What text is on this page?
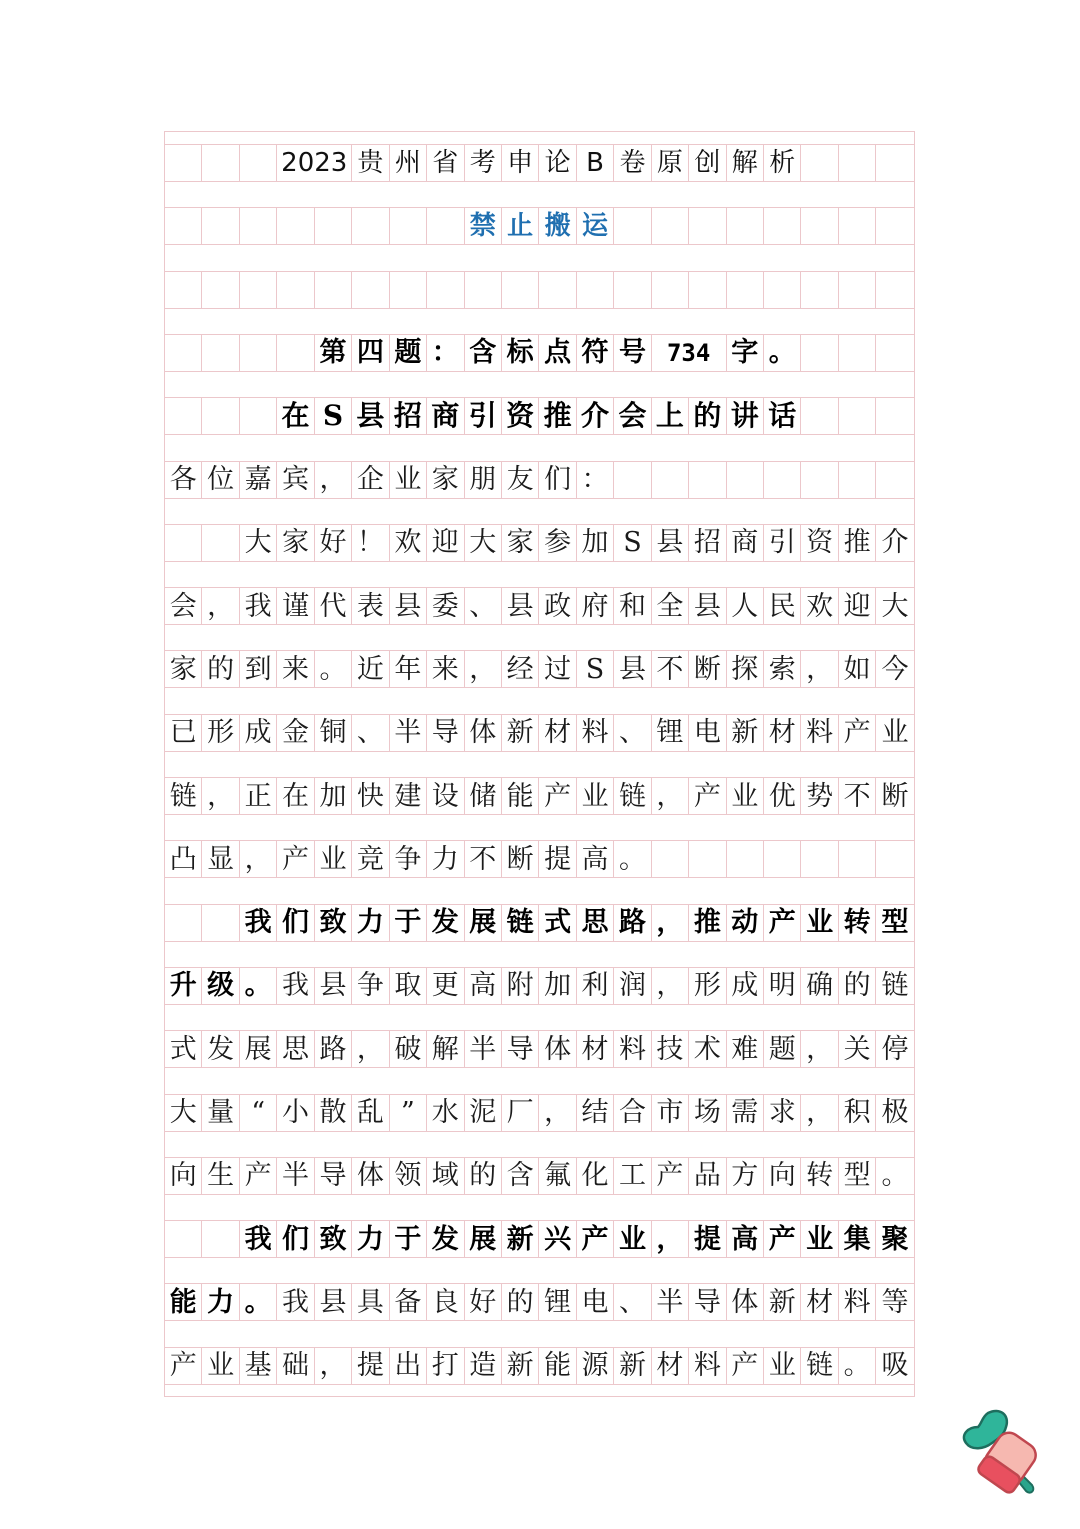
2023 贵 州 省 考 申 论 B 卷 原 创 解 析
禁 止 搬 运
第 四 题 ： 含 标 点 符 号 734 字 。
在 S 县 招 商 引 资 推 介 会 上 的 讲 话
各 位 嘉 宾 ， 企 业 家 朋 友 们 ：
大 家 好 ！ 欢 迎 大 家 参 加 S 县 招 商 引 资 推 介
会 ， 我 谨 代 表 县 委 、 县 政 府 和 全 县 人 民 欢 迎 大
家 的 到 来 。 近 年 来 ， 经 过 S 县 不 断 探 索 ， 如 今
已 形 成 金 铜 、 半 导 体 新 材 料 、 锂 电 新 材 料 产 业
链 ， 正 在 加 快 建 设 储 能 产 业 链 ， 产 业 优 势 不 断
凸 显 ， 产 业 竞 争 力 不 断 提 高 。
我 们 致 力 于 发 展 链 式 思 路 ， 推 动 产 业 转 型
升 级 。 我 县 争 取 更 高 附 加 利 润 ， 形 成 明 确 的 链
式 发 展 思 路 ， 破 解 半 导 体 材 料 技 术 难 题 ， 关 停
大 量 “ 小 散 乱 ” 水 泥 厂 ， 结 合 市 场 需 求 ， 积 极
向 生 产 半 导 体 领 域 的 含 氟 化 工 产 品 方 向 转 型 。
我 们 致 力 于 发 展 新 兴 产 业 ， 提 高 产 业 集 聚
能 力 。 我 县 具 备 良 好 的 锂 电 、 半 导 体 新 材 料 等
产 业 基 础 ， 提 出 打 造 新 能 源 新 材 料 产 业 链 。 吸
